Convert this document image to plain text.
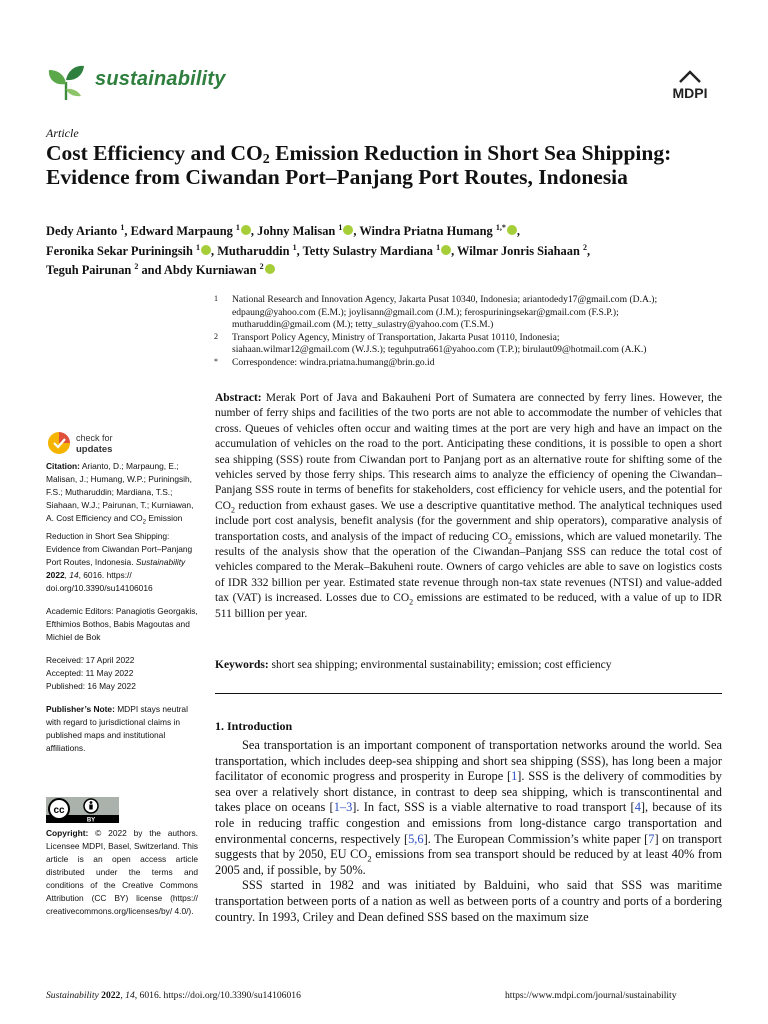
sustainability
MDPI
Article
Cost Efficiency and $CO_2$ Emission Reduction in Short Sea Shipping: Evidence from Ciwandan Port–Panjang Port Routes, Indonesia
Dedy Arianto $^1$, Edward Marpaung $^1$ , Johny Malisan $^1$ , Windra Priatna Humang $^{1,*}$ ,
Feronika Sekar Puriningsih $^1$ , Mutharuddin $^1$, Tetty Sulastry Mardiana $^1$ , Wilmar Jonris Siahaan $^2$,
Teguh Pairunan $^2$ and Abdy Kurniawan $^2$
1 National Research and Innovation Agency, Jakarta Pusat 10340, Indonesia; ariantodedy17@gmail.com (D.A.);
edpaung@yahoo.com (E.M.); joylisann@gmail.com (J.M.); ferospuriningsekar@gmail.com (F.S.P.);
mutharuddin@gmail.com (M.); tetty_sulastry@yahoo.com (T.S.M.)
2 Transport Policy Agency, Ministry of Transportation, Jakarta Pusat 10110, Indonesia;
siahaan.wilmar12@gmail.com (W.J.S.); teguhputra661@yahoo.com (T.P.); birulaut09@hotmail.com (A.K.)
* Correspondence: windra.priatna.humang@brin.go.id
Abstract: Merak Port of Java and Bakauheni Port of Sumatera are connected by ferry lines. However, the number of ferry ships and facilities of the two ports are not able to accommodate the number of vehicles that cross. Queues of vehicles often occur and waiting times at the port are very high and have an impact on the accumulation of vehicles on the road to the port. Anticipating these conditions, it is possible to open a short sea shipping (SSS) route from Ciwandan port to Panjang port as an alternative route for shifting some of the vehicles served by those ferry ships. This research aims to analyze the efficiency of opening the Ciwandan–Panjang SSS route in terms of benefits for stakeholders, cost efficiency for vehicle users, and the potential for $CO_2$ reduction from exhaust gases. We use a descriptive quantitative method. The analytical techniques used include port cost analysis, benefit analysis (for the government and ship operators), comparative analysis of transportation costs, and analysis of the impact of reducing $CO_2$ emissions, which are valued monetarily. The results of the analysis show that the operation of the Ciwandan–Panjang SSS can reduce the total cost of vehicles compared to the Merak–Bakuheni route. Owners of cargo vehicles are able to save on logistics costs of IDR 332 billion per year. Estimated state revenue through non-tax state revenues (NTSI) and value-added tax (VAT) is increased. Losses due to $CO_2$ emissions are estimated to be reduced, with a value of up to IDR 511 billion per year.
Keywords: short sea shipping; environmental sustainability; emission; cost efficiency
1. Introduction

Sea transportation is an important component of transportation networks around the world. Sea transportation, which includes deep-sea shipping and short sea shipping (SSS), has long been a major facilitator of economic progress and prosperity in Europe [1]. SSS is the delivery of commodities by sea over a relatively short distance, in contrast to deep sea shipping, which is transcontinental and takes place on oceans [1–3]. In fact, SSS is a viable alternative to road transport [4], because of its role in reducing traffic congestion and emissions from long-distance cargo transportation and environmental concerns, respectively [5,6]. The European Commission’s white paper [7] on transport suggests that by 2050, EU $CO_2$ emissions from sea transport should be reduced by at least 40% from 2005 and, if possible, by 50%.

SSS started in 1982 and was initiated by Balduini, who said that SSS was maritime transportation between ports of a nation as well as between ports of a country and ports of a bordering country. In 1993, Criley and Dean defined SSS based on the maximum size

check for
updates

Citation: Arianto, D.; Marpaung, E.; Malisan, J.; Humang, W.P.; Puriningsih, F.S.; Mutharuddin; Mardiana, T.S.; Siahaan, W.J.; Pairunan, T.; Kurniawan, A. Cost Efficiency and $CO_2$ Emission Reduction in Short Sea Shipping: Evidence from Ciwandan Port–Panjang Port Routes, Indonesia. Sustainability 2022, 14, 6016. https:// doi.org/10.3390/su14106016

Academic Editors: Panagiotis Georgakis, Efthimios Bothos, Babis Magoutas and Michiel de Bok

Received: 17 April 2022
Accepted: 11 May 2022
Published: 16 May 2022

Publisher’s Note: MDPI stays neutral with regard to jurisdictional claims in published maps and institutional affiliations.

cc
BY
Copyright: © 2022 by the authors. Licensee MDPI, Basel, Switzerland. This article is an open access article distributed under the terms and conditions of the Creative Commons Attribution (CC BY) license (https:// creativecommons.org/licenses/by/ 4.0/).
Sustainability 2022, 14, 6016. https://doi.org/10.3390/su14106016	https://www.mdpi.com/journal/sustainability
